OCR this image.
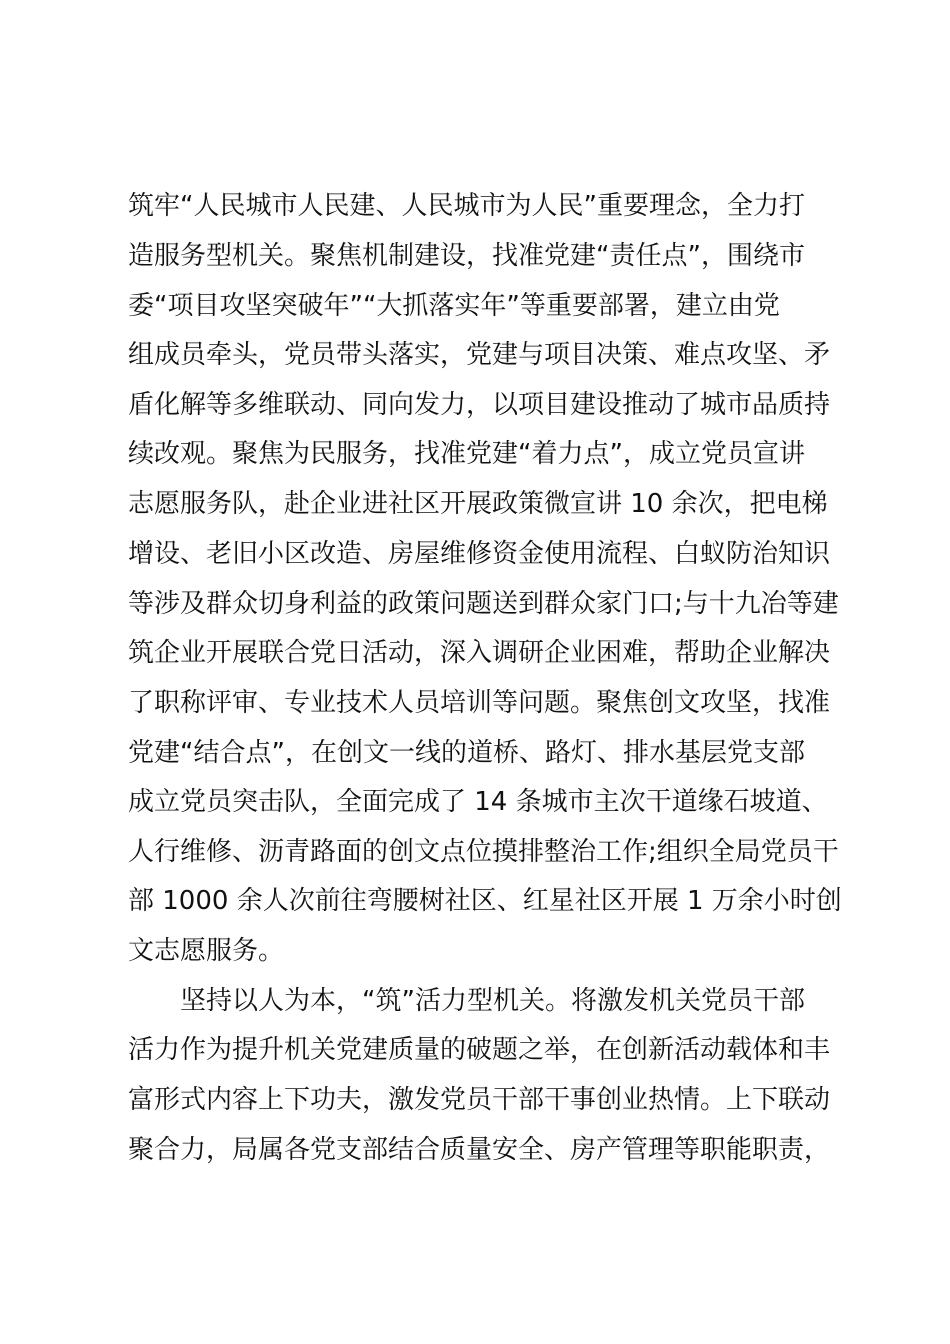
筑牢“人民城市人民建、人民城市为人民”重要理念，全力打
造服务型机关。聚焦机制建设，找准党建“责任点”，围绕市
委“项目攻坚突破年”“大抓落实年”等重要部署，建立由党
组成员牵头，党员带头落实，党建与项目决策、难点攻坚、矛
盾化解等多维联动、同向发力，以项目建设推动了城市品质持
续改观。聚焦为民服务，找准党建“着力点”，成立党员宣讲
志愿服务队，赴企业进社区开展政策微宣讲 10 余次，把电梯
增设、老旧小区改造、房屋维修资金使用流程、白蚁防治知识
等涉及群众切身利益的政策问题送到群众家门口;与十九冶等建
筑企业开展联合党日活动，深入调研企业困难，帮助企业解决
了职称评审、专业技术人员培训等问题。聚焦创文攻坚，找准
党建“结合点”，在创文一线的道桥、路灯、排水基层党支部
成立党员突击队，全面完成了 14 条城市主次干道缘石坡道、
人行维修、沥青路面的创文点位摸排整治工作;组织全局党员干
部 1000 余人次前往弯腰树社区、红星社区开展 1 万余小时创
文志愿服务。
坚持以人为本，“筑”活力型机关。将激发机关党员干部
活力作为提升机关党建质量的破题之举，在创新活动载体和丰
富形式内容上下功夫，激发党员干部干事创业热情。上下联动
聚合力，局属各党支部结合质量安全、房产管理等职能职责，
